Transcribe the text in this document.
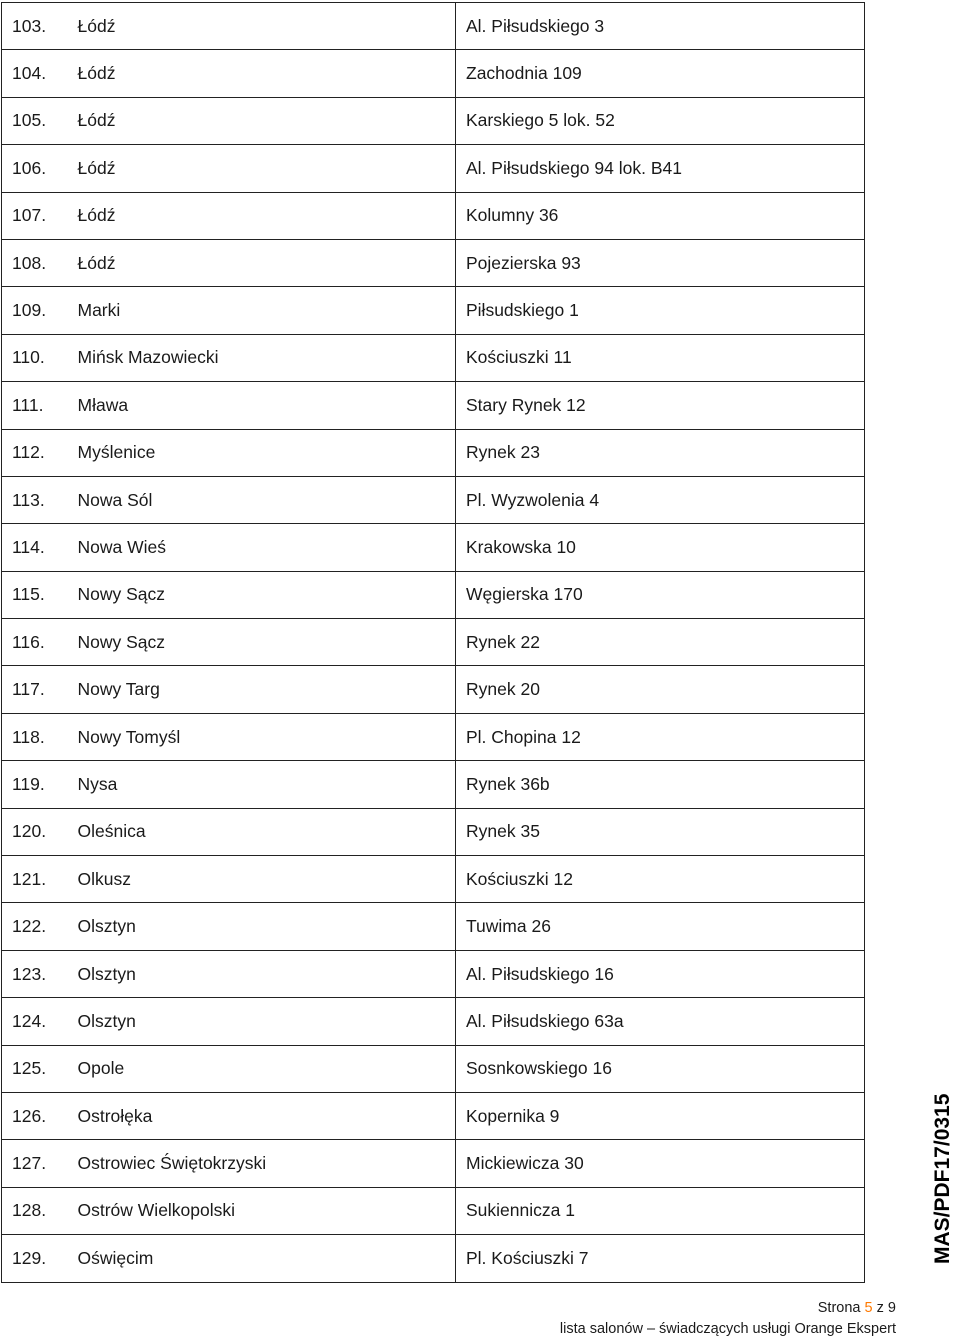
103.	Łódź	Al. Piłsudskiego 3
104.	Łódź	Zachodnia 109
105.	Łódź	Karskiego 5 lok. 52
106.	Łódź	Al. Piłsudskiego 94 lok. B41
107.	Łódź	Kolumny 36
108.	Łódź	Pojezierska 93
109.	Marki	Piłsudskiego 1
110.	Mińsk Mazowiecki	Kościuszki 11
111.	Mława	Stary Rynek 12
112.	Myślenice	Rynek 23
113.	Nowa Sól	Pl. Wyzwolenia 4
114.	Nowa Wieś	Krakowska 10
115.	Nowy Sącz	Węgierska 170
116.	Nowy Sącz	Rynek 22
117.	Nowy Targ	Rynek 20
118.	Nowy Tomyśl	Pl. Chopina 12
119.	Nysa	Rynek 36b
120.	Oleśnica	Rynek 35
121.	Olkusz	Kościuszki 12
122.	Olsztyn	Tuwima 26
123.	Olsztyn	Al. Piłsudskiego 16
124.	Olsztyn	Al. Piłsudskiego 63a
125.	Opole	Sosnkowskiego 16
126.	Ostrołęka	Kopernika 9
127.	Ostrowiec Świętokrzyski	Mickiewicza 30
128.	Ostrów Wielkopolski	Sukiennicza 1
129.	Oświęcim	Pl. Kościuszki 7	MAS/PDF17/0315
Strona 5 z 9
lista salonów – świadczących usługi Orange Ekspert
